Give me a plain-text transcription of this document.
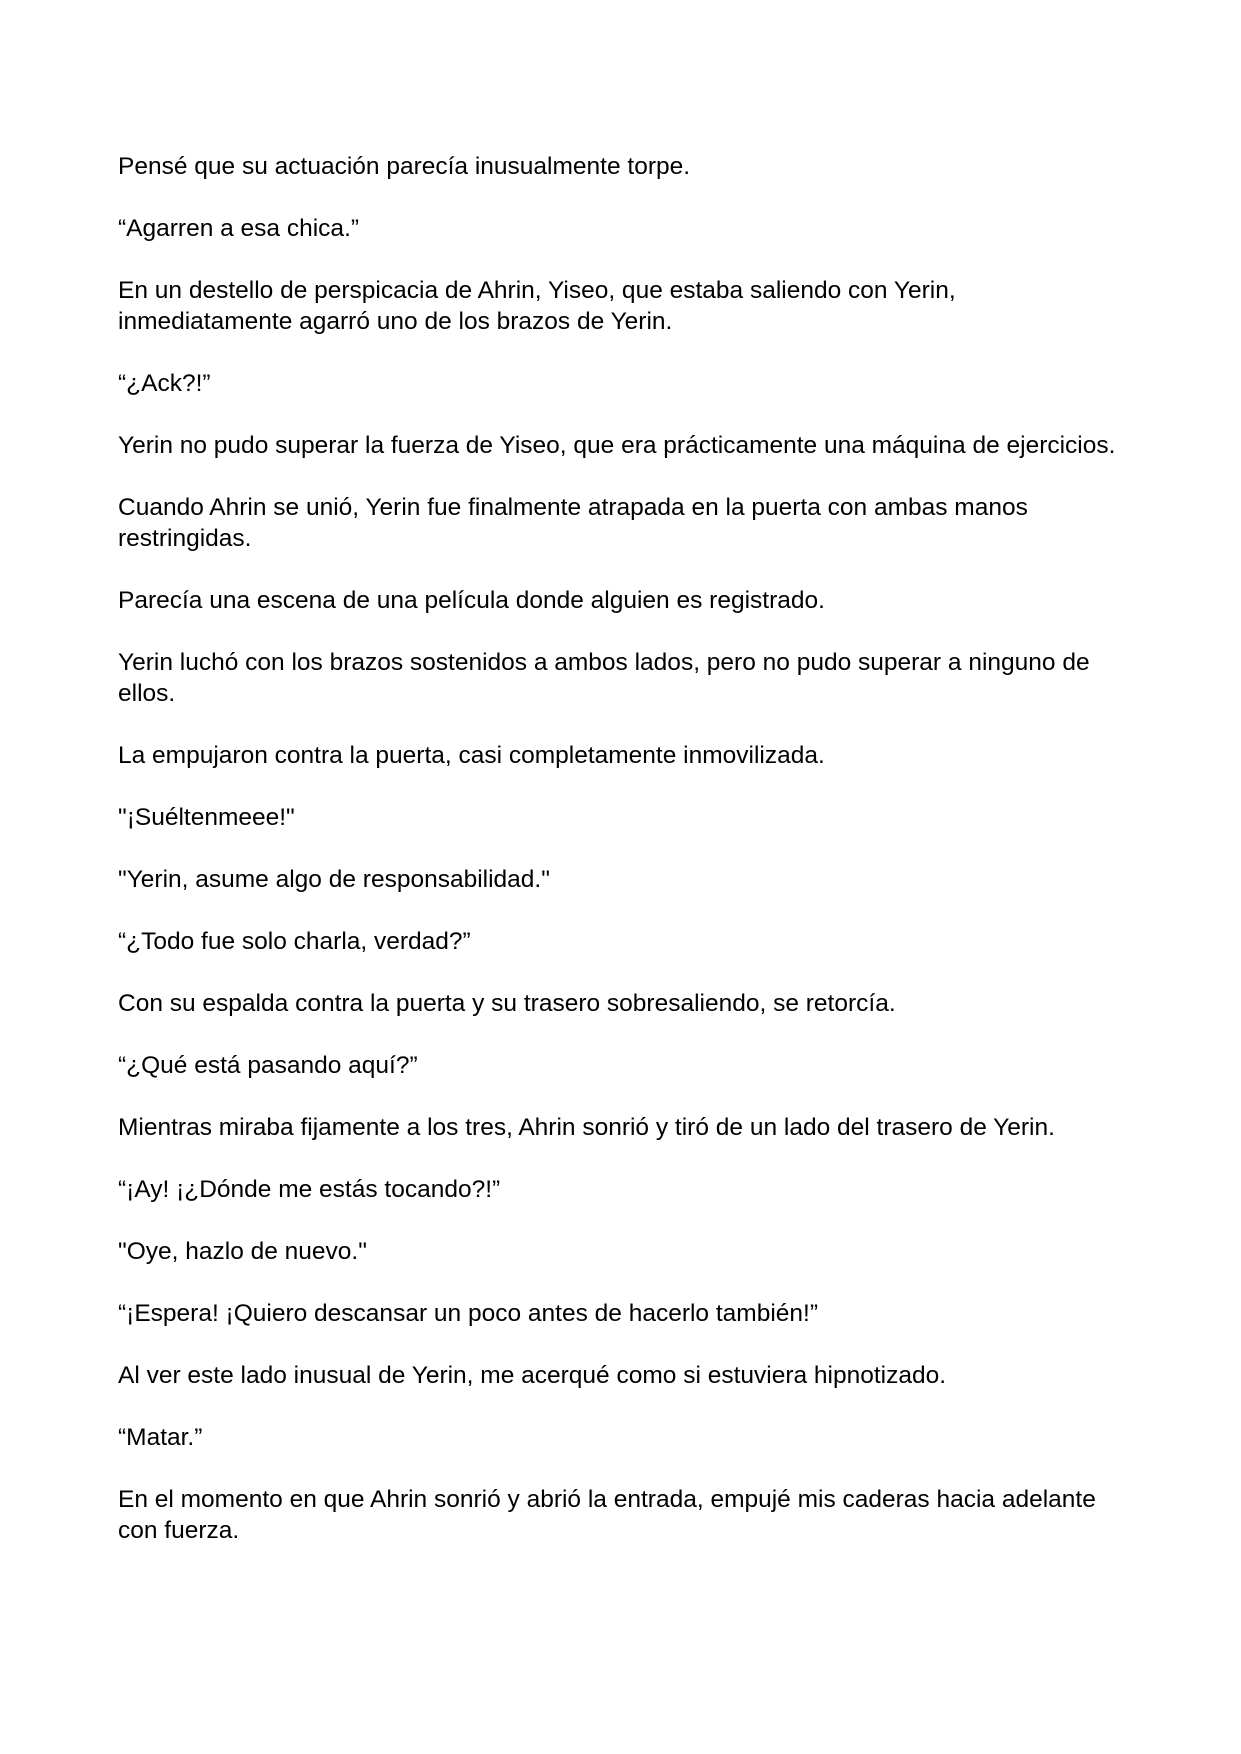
Pensé que su actuación parecía inusualmente torpe.

“Agarren a esa chica.”

En un destello de perspicacia de Ahrin, Yiseo, que estaba saliendo con Yerin, inmediatamente agarró uno de los brazos de Yerin.

“¿Ack?!”

Yerin no pudo superar la fuerza de Yiseo, que era prácticamente una máquina de ejercicios.

Cuando Ahrin se unió, Yerin fue finalmente atrapada en la puerta con ambas manos restringidas.

Parecía una escena de una película donde alguien es registrado.

Yerin luchó con los brazos sostenidos a ambos lados, pero no pudo superar a ninguno de ellos.

La empujaron contra la puerta, casi completamente inmovilizada.

"¡Suéltenmeee!"

"Yerin, asume algo de responsabilidad."

“¿Todo fue solo charla, verdad?”

Con su espalda contra la puerta y su trasero sobresaliendo, se retorcía.

“¿Qué está pasando aquí?”

Mientras miraba fijamente a los tres, Ahrin sonrió y tiró de un lado del trasero de Yerin.

“¡Ay! ¡¿Dónde me estás tocando?!”

"Oye, hazlo de nuevo."

“¡Espera! ¡Quiero descansar un poco antes de hacerlo también!”

Al ver este lado inusual de Yerin, me acerqué como si estuviera hipnotizado.

“Matar.”

En el momento en que Ahrin sonrió y abrió la entrada, empujé mis caderas hacia adelante con fuerza.
